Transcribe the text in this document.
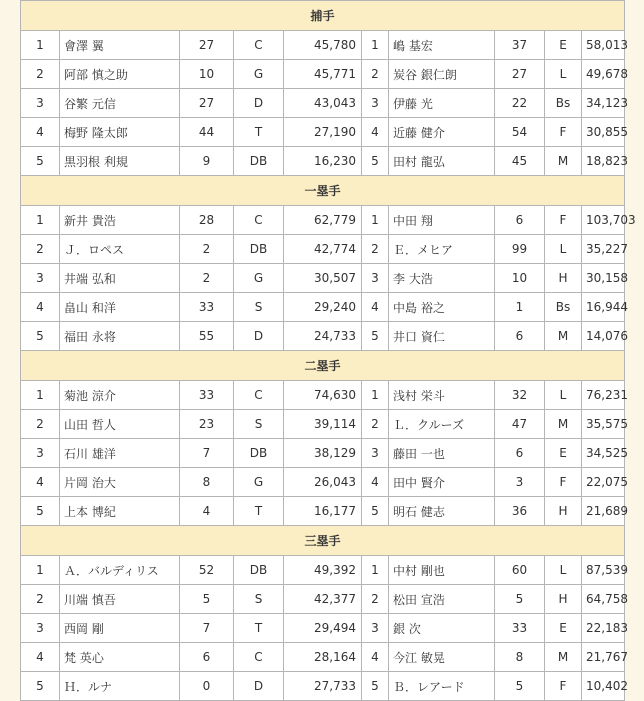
捕手									
1	會澤 翼	27	C	45,780	1	嶋 基宏	37	E	58,013
2	阿部 慎之助	10	G	45,771	2	炭谷 銀仁朗	27	L	49,678
3	谷繁 元信	27	D	43,043	3	伊藤 光	22	Bs	34,123
4	梅野 隆太郎	44	T	27,190	4	近藤 健介	54	F	30,855
5	黒羽根 利規	9	DB	16,230	5	田村 龍弘	45	M	18,823
一塁手									
1	新井 貴浩	28	C	62,779	1	中田 翔	6	F	103,703
2	Ｊ．ロペス	2	DB	42,774	2	Ｅ．メヒア	99	L	35,227
3	井端 弘和	2	G	30,507	3	李 大浩	10	H	30,158
4	畠山 和洋	33	S	29,240	4	中島 裕之	1	Bs	16,944
5	福田 永将	55	D	24,733	5	井口 資仁	6	M	14,076
二塁手									
1	菊池 涼介	33	C	74,630	1	浅村 栄斗	32	L	76,231
2	山田 哲人	23	S	39,114	2	Ｌ．クルーズ	47	M	35,575
3	石川 雄洋	7	DB	38,129	3	藤田 一也	6	E	34,525
4	片岡 治大	8	G	26,043	4	田中 賢介	3	F	22,075
5	上本 博紀	4	T	16,177	5	明石 健志	36	H	21,689
三塁手									
1	Ａ．バルディリス	52	DB	49,392	1	中村 剛也	60	L	87,539
2	川端 慎吾	5	S	42,377	2	松田 宣浩	5	H	64,758
3	西岡 剛	7	T	29,494	3	銀 次	33	E	22,183
4	梵 英心	6	C	28,164	4	今江 敏晃	8	M	21,767
5	Ｈ．ルナ	0	D	27,733	5	Ｂ．レアード	5	F	10,402
